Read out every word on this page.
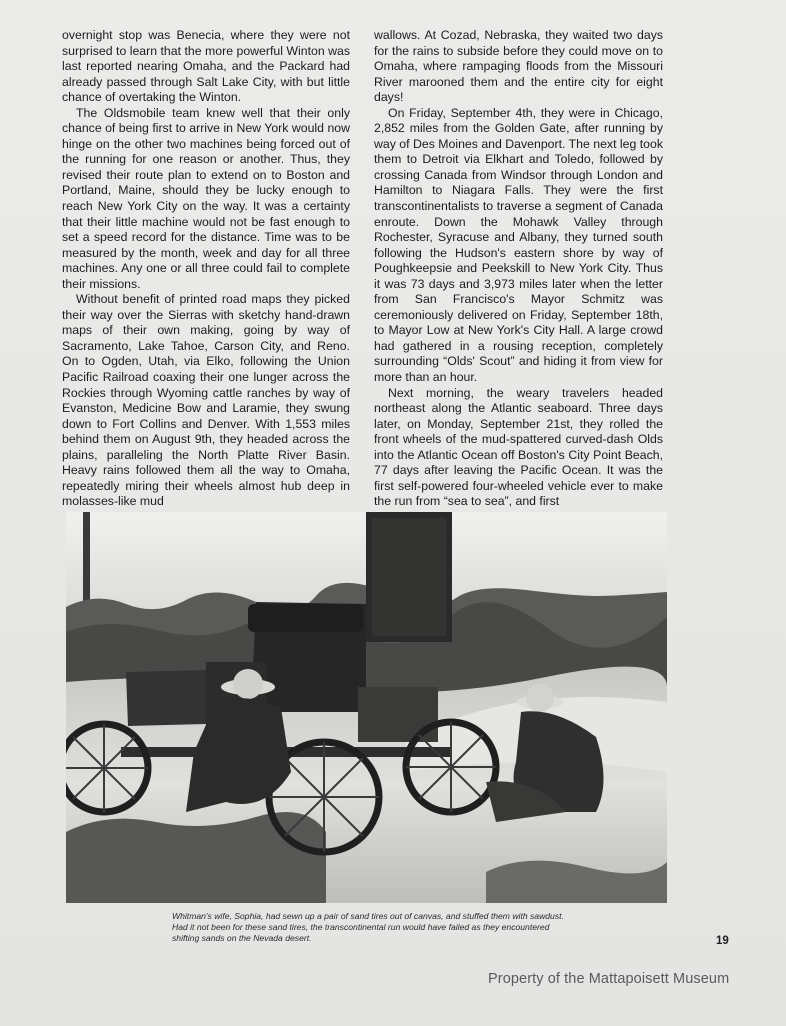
overnight stop was Benecia, where they were not surprised to learn that the more powerful Winton was last reported nearing Omaha, and the Packard had already passed through Salt Lake City, with but little chance of overtaking the Winton.

The Oldsmobile team knew well that their only chance of being first to arrive in New York would now hinge on the other two machines being forced out of the running for one reason or another. Thus, they revised their route plan to extend on to Boston and Portland, Maine, should they be lucky enough to reach New York City on the way. It was a certainty that their little machine would not be fast enough to set a speed record for the distance. Time was to be measured by the month, week and day for all three machines. Any one or all three could fail to complete their missions.

Without benefit of printed road maps they picked their way over the Sierras with sketchy hand-drawn maps of their own making, going by way of Sacramento, Lake Tahoe, Carson City, and Reno. On to Ogden, Utah, via Elko, following the Union Pacific Railroad coaxing their one lunger across the Rockies through Wyoming cattle ranches by way of Evanston, Medicine Bow and Laramie, they swung down to Fort Collins and Denver. With 1,553 miles behind them on August 9th, they headed across the plains, paralleling the North Platte River Basin. Heavy rains followed them all the way to Omaha, repeatedly miring their wheels almost hub deep in molasses-like mud

wallows. At Cozad, Nebraska, they waited two days for the rains to subside before they could move on to Omaha, where rampaging floods from the Missouri River marooned them and the entire city for eight days!

On Friday, September 4th, they were in Chicago, 2,852 miles from the Golden Gate, after running by way of Des Moines and Davenport. The next leg took them to Detroit via Elkhart and Toledo, followed by crossing Canada from Windsor through London and Hamilton to Niagara Falls. They were the first transcontinentalists to traverse a segment of Canada enroute. Down the Mohawk Valley through Rochester, Syracuse and Albany, they turned south following the Hudson's eastern shore by way of Poughkeepsie and Peekskill to New York City. Thus it was 73 days and 3,973 miles later when the letter from San Francisco's Mayor Schmitz was ceremoniously delivered on Friday, September 18th, to Mayor Low at New York's City Hall. A large crowd had gathered in a rousing reception, completely surrounding “Olds' Scout” and hiding it from view for more than an hour.

Next morning, the weary travelers headed northeast along the Atlantic seaboard. Three days later, on Monday, September 21st, they rolled the front wheels of the mud-spattered curved-dash Olds into the Atlantic Ocean off Boston's City Point Beach, 77 days after leaving the Pacific Ocean. It was the first self-powered four-wheeled vehicle ever to make the run from “sea to sea”, and first

Whitman's wife, Sophia, had sewn up a pair of sand tires out of canvas, and stuffed them with sawdust. Had it not been for these sand tires, the transcontinental run would have failed as they encountered shifting sands on the Nevada desert.	19
Property of the Mattapoisett Museum
